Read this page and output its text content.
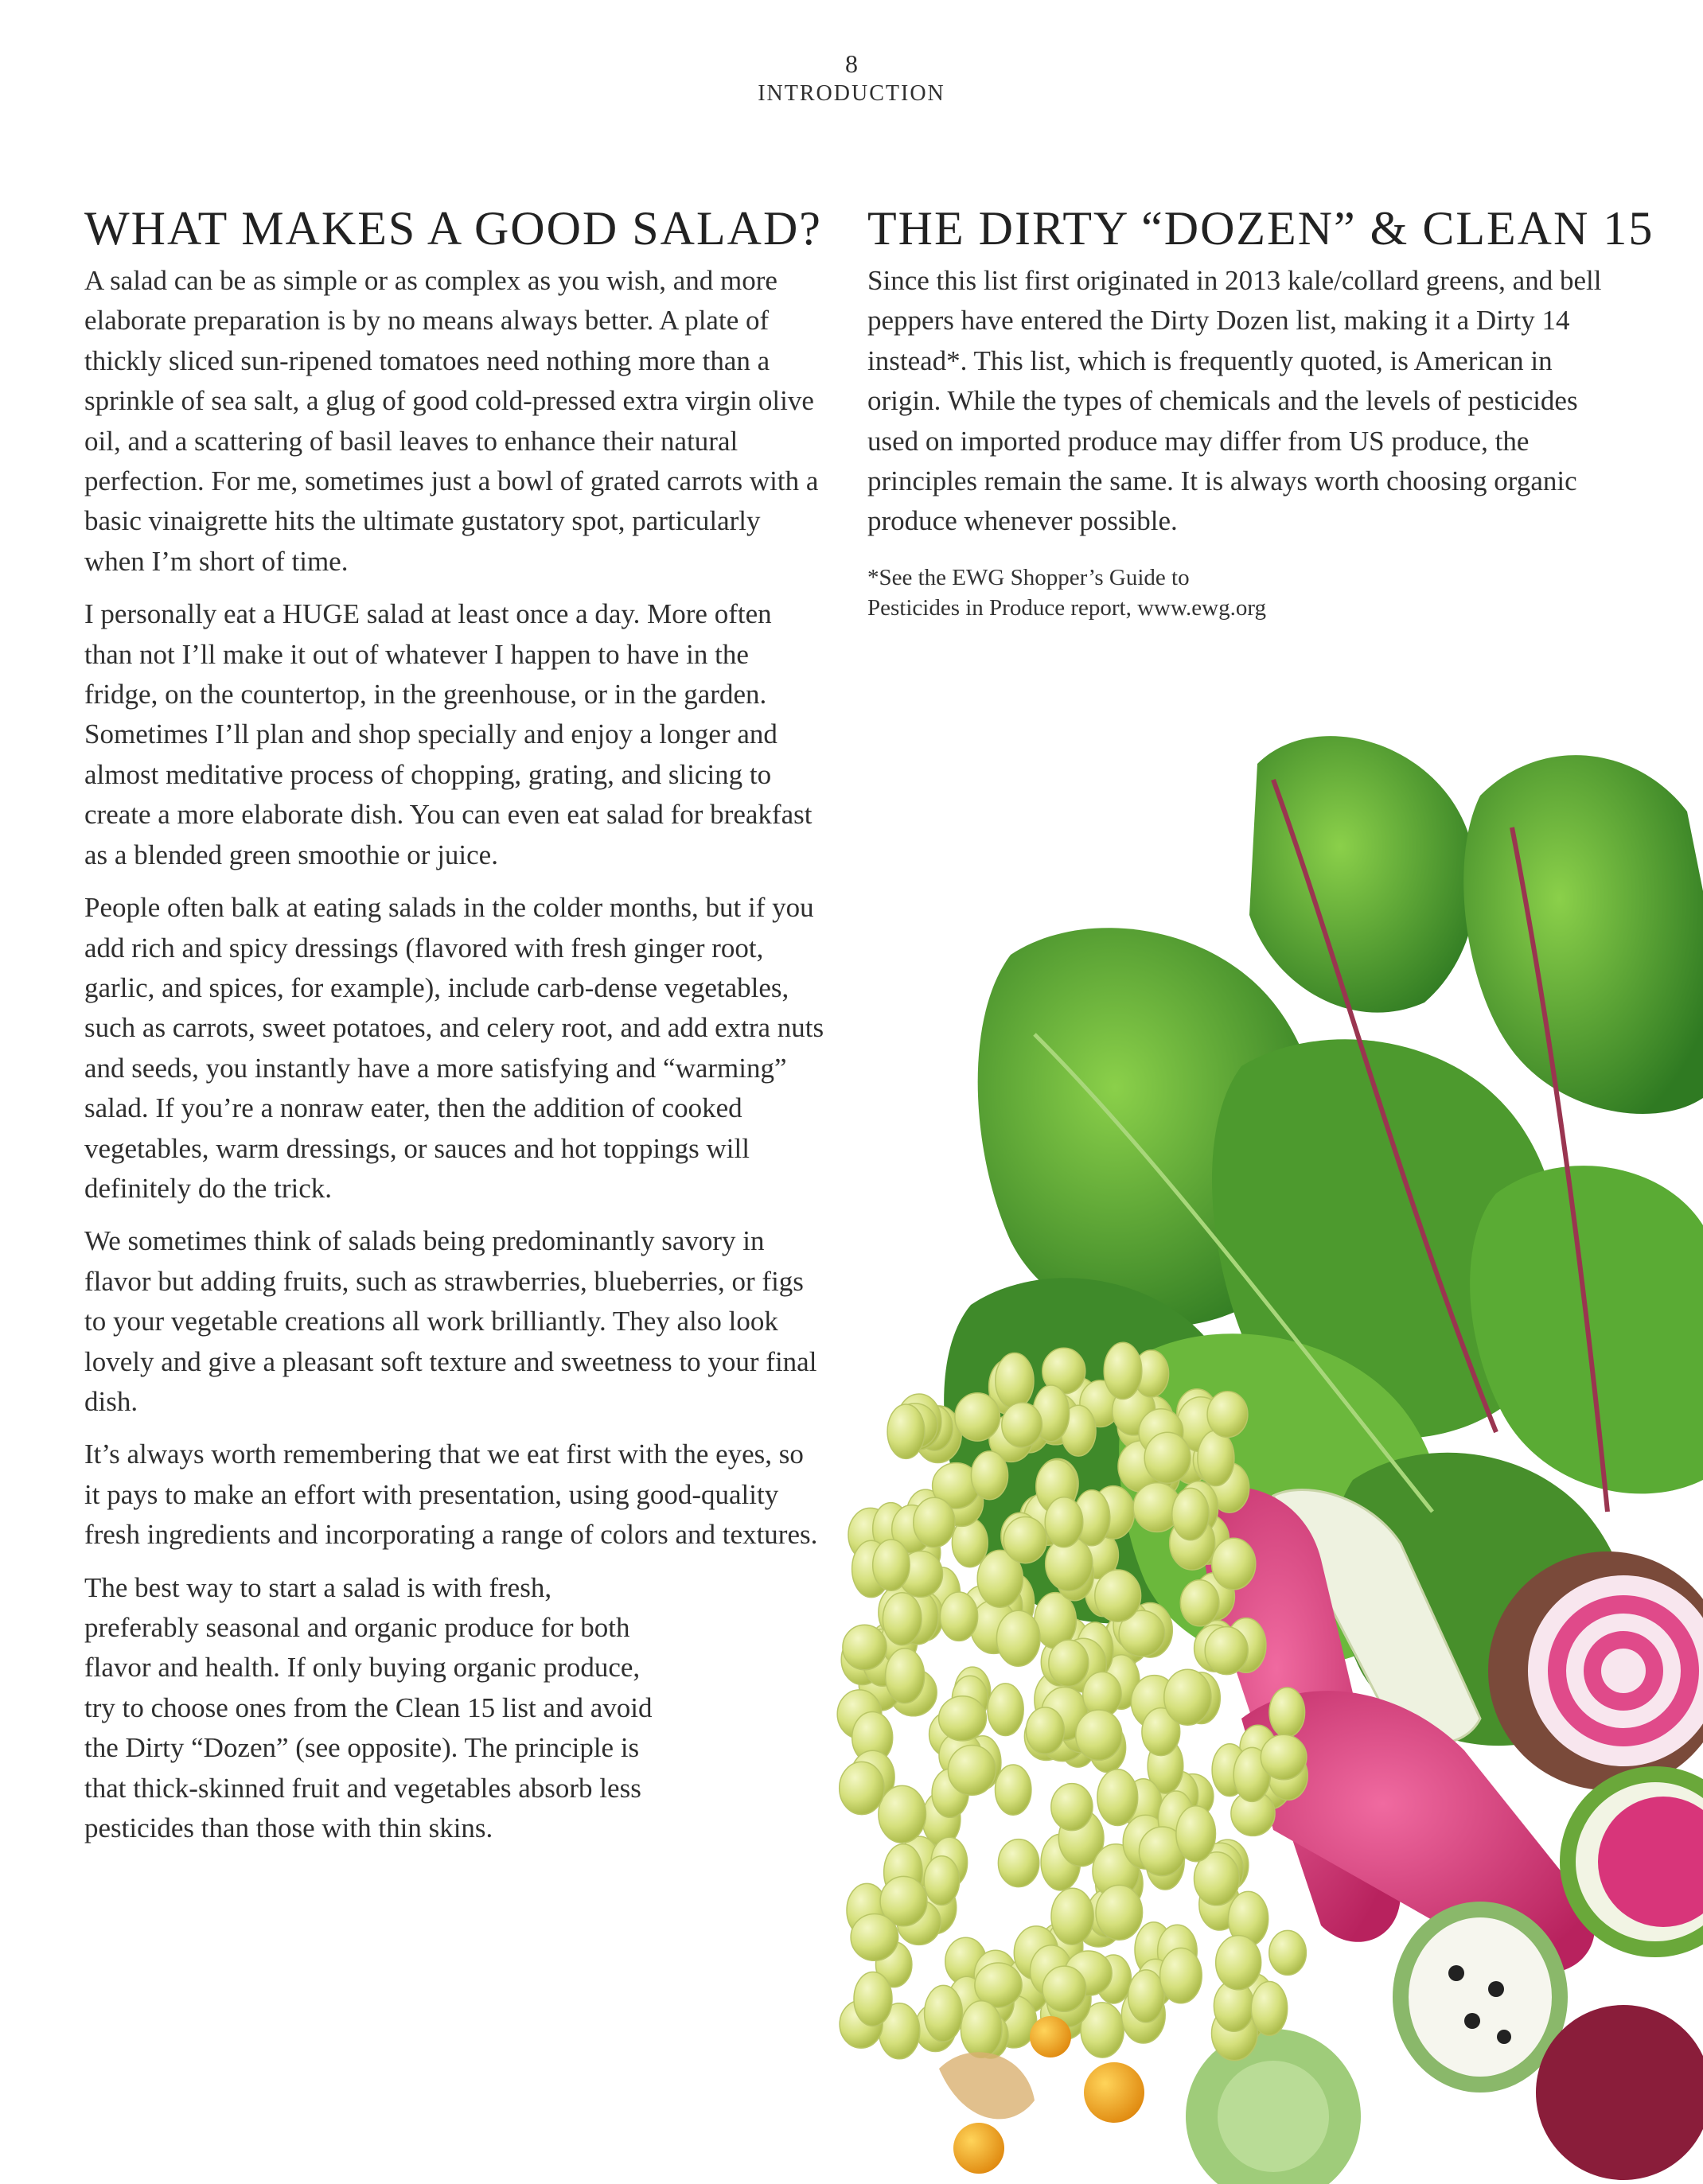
8

INTRODUCTION

WHAT MAKES A GOOD SALAD?

A salad can be as simple or as complex as you wish, and more elaborate preparation is by no means always better. A plate of thickly sliced sun-ripened tomatoes need nothing more than a sprinkle of sea salt, a glug of good cold-pressed extra virgin olive oil, and a scattering of basil leaves to enhance their natural perfection. For me, sometimes just a bowl of grated carrots with a basic vinaigrette hits the ultimate gustatory spot, particularly when I’m short of time.

I personally eat a HUGE salad at least once a day. More often than not I’ll make it out of whatever I happen to have in the fridge, on the countertop, in the greenhouse, or in the garden. Sometimes I’ll plan and shop specially and enjoy a longer and almost meditative process of chopping, grating, and slicing to create a more elaborate dish. You can even eat salad for breakfast as a blended green smoothie or juice.

People often balk at eating salads in the colder months, but if you add rich and spicy dressings (flavored with fresh ginger root, garlic, and spices, for example), include carb-dense vegetables, such as carrots, sweet potatoes, and celery root, and add extra nuts and seeds, you instantly have a more satisfying and “warming” salad. If you’re a nonraw eater, then the addition of cooked vegetables, warm dressings, or sauces and hot toppings will definitely do the trick.

We sometimes think of salads being predominantly savory in flavor but adding fruits, such as strawberries, blueberries, or figs to your vegetable creations all work brilliantly. They also look lovely and give a pleasant soft texture and sweetness to your final dish.

It’s always worth remembering that we eat first with the eyes, so it pays to make an effort with presentation, using good-quality fresh ingredients and incorporating a range of colors and textures.

The best way to start a salad is with fresh, preferably seasonal and organic produce for both flavor and health. If only buying organic produce, try to choose ones from the Clean 15 list and avoid the Dirty “Dozen” (see opposite). The principle is that thick-skinned fruit and vegetables absorb less pesticides than those with thin skins.

THE DIRTY “DOZEN” & CLEAN 15

Since this list first originated in 2013 kale/collard greens, and bell peppers have entered the Dirty Dozen list, making it a Dirty 14 instead*. This list, which is frequently quoted, is American in origin. While the types of chemicals and the levels of pesticides used on imported produce may differ from US produce, the principles remain the same. It is always worth choosing organic produce whenever possible.

*See the EWG Shopper’s Guide to
Pesticides in Produce report, www.ewg.org
